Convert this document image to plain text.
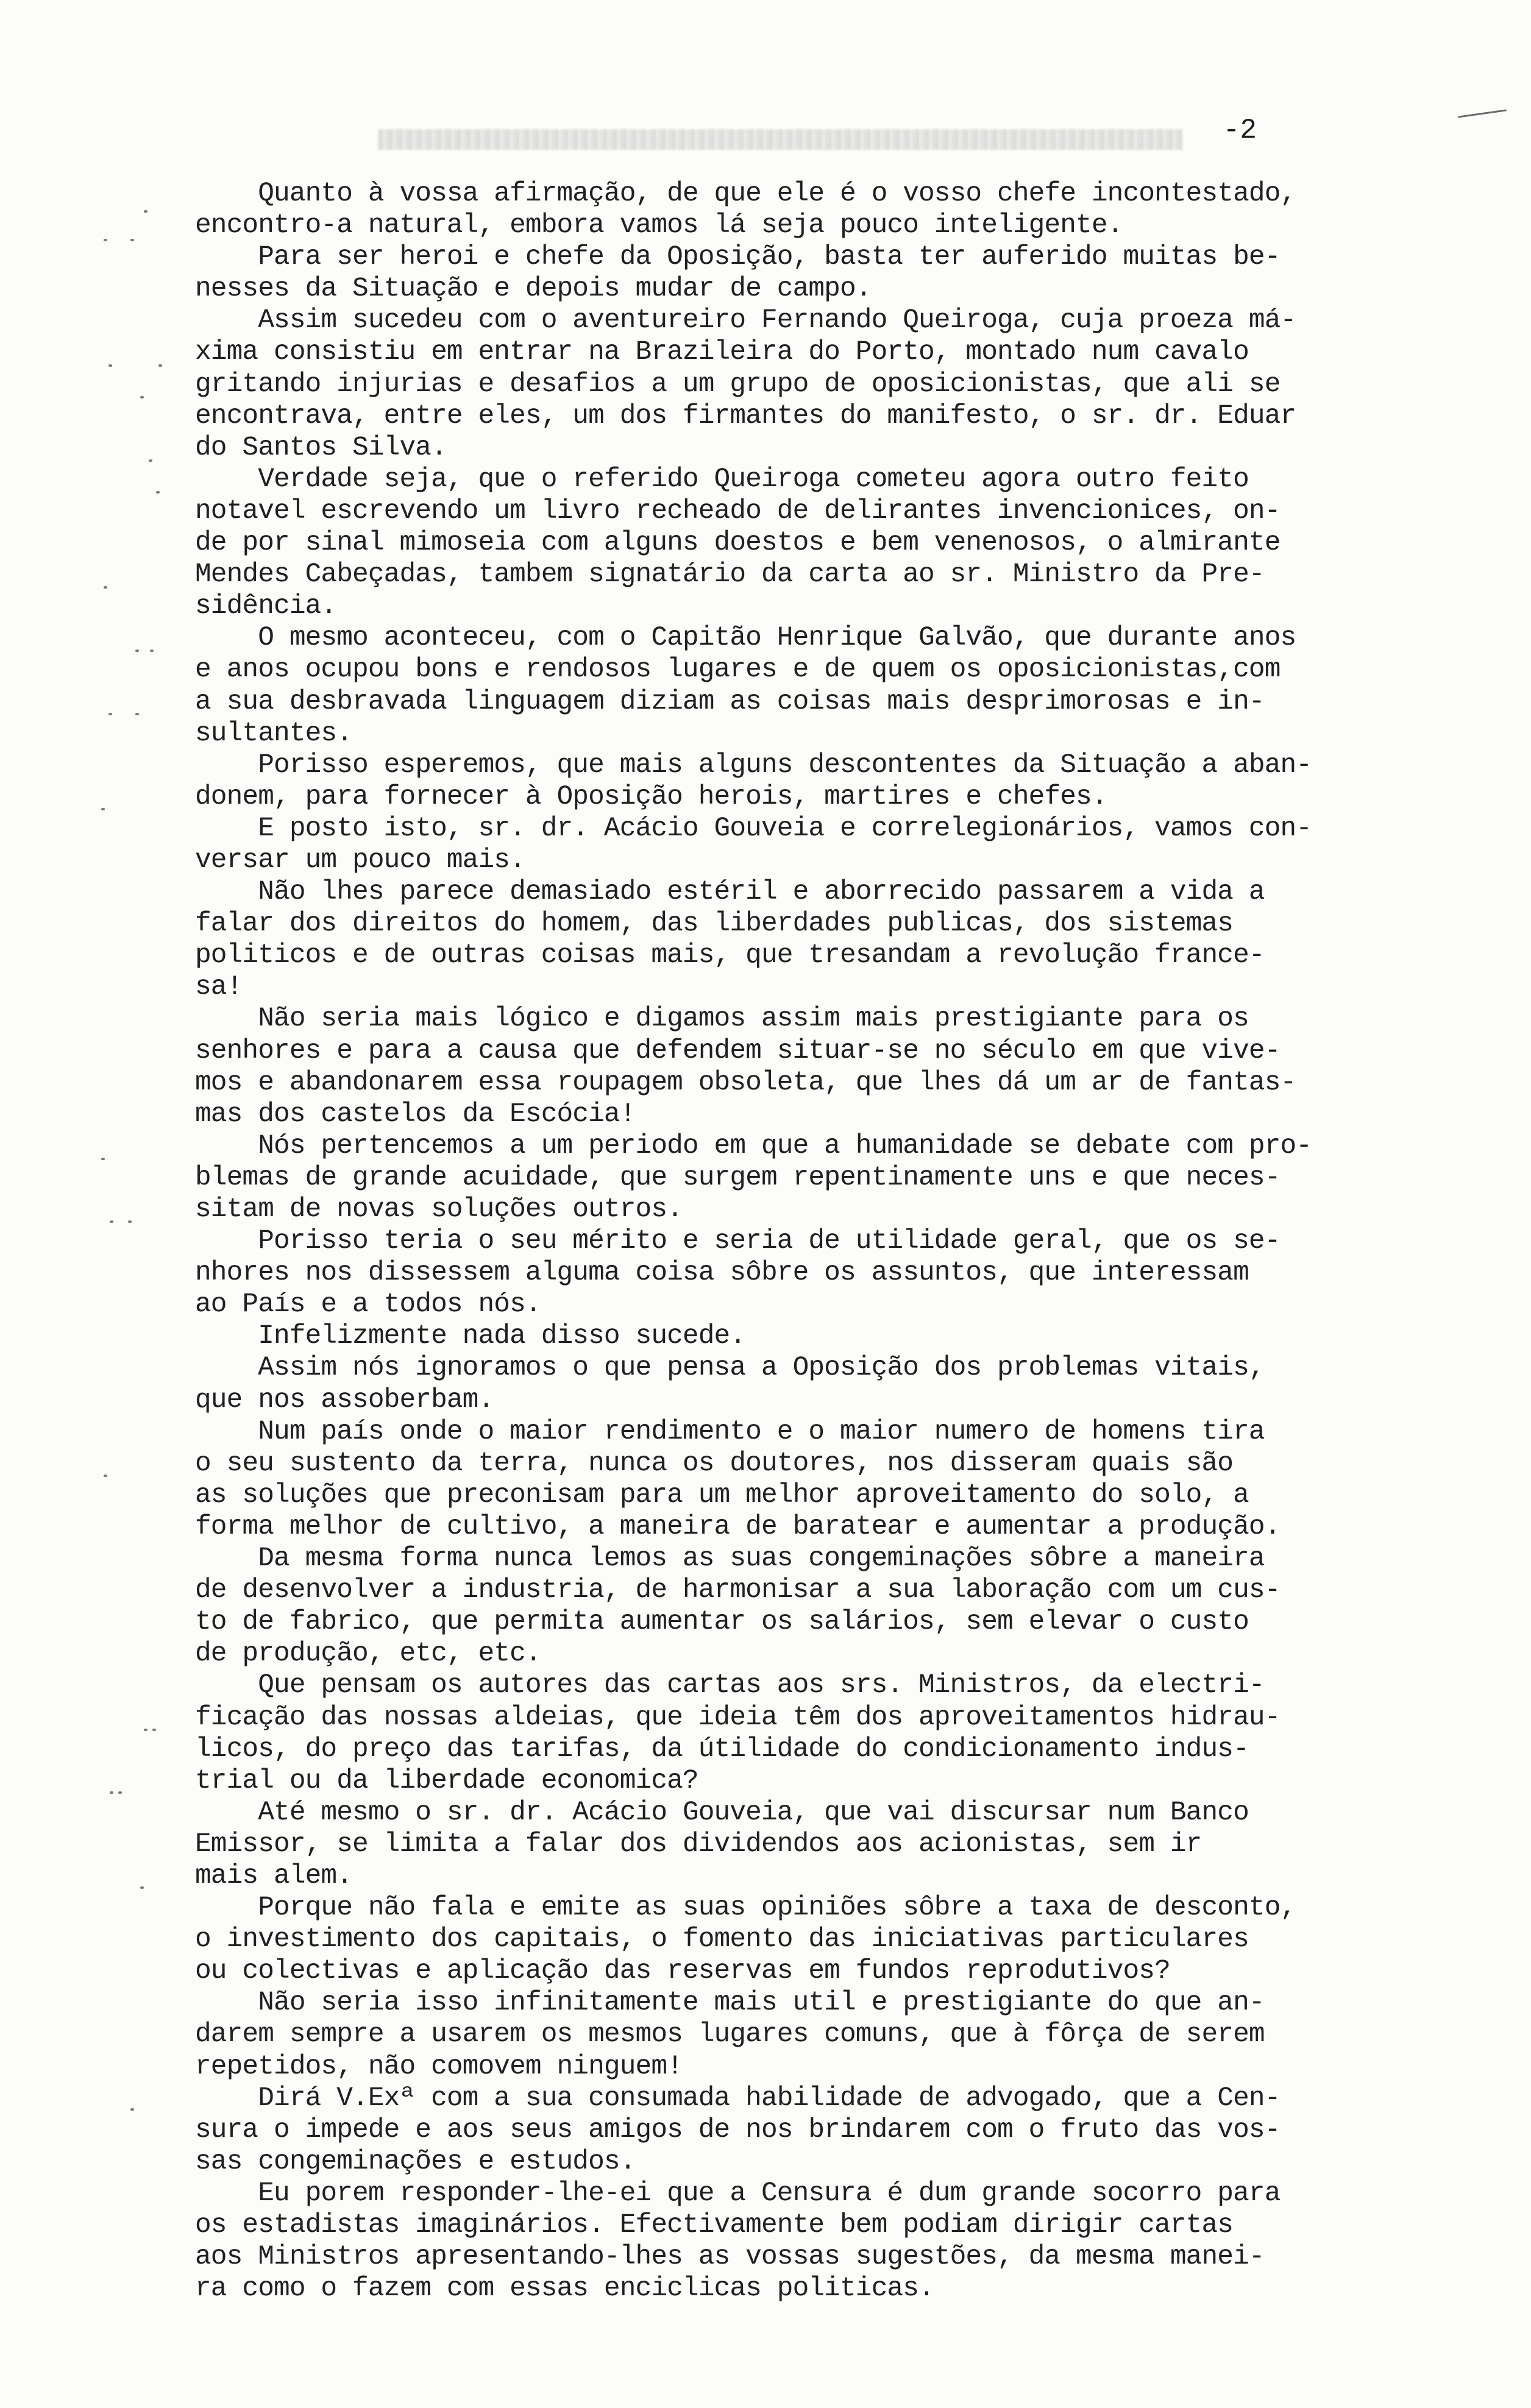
-2
Quanto à vossa afirmação, de que ele é o vosso chefe incontestado,
encontro-a natural, embora vamos lá seja pouco inteligente.
Para ser heroi e chefe da Oposição, basta ter auferido muitas be-
nesses da Situação e depois mudar de campo.
Assim sucedeu com o aventureiro Fernando Queiroga, cuja proeza má-
xima consistiu em entrar na Brazileira do Porto, montado num cavalo
gritando injurias e desafios a um grupo de oposicionistas, que ali se
encontrava, entre eles, um dos firmantes do manifesto, o sr. dr. Eduar
do Santos Silva.
Verdade seja, que o referido Queiroga cometeu agora outro feito
notavel escrevendo um livro recheado de delirantes invencionices, on-
de por sinal mimoseia com alguns doestos e bem venenosos, o almirante
Mendes Cabeçadas, tambem signatário da carta ao sr. Ministro da Pre-
sidência.
O mesmo aconteceu, com o Capitão Henrique Galvão, que durante anos
e anos ocupou bons e rendosos lugares e de quem os oposicionistas,com
a sua desbravada linguagem diziam as coisas mais desprimorosas e in-
sultantes.
Porisso esperemos, que mais alguns descontentes da Situação a aban-
donem, para fornecer à Oposição herois, martires e chefes.
E posto isto, sr. dr. Acácio Gouveia e correlegionários, vamos con-
versar um pouco mais.
Não lhes parece demasiado estéril e aborrecido passarem a vida a
falar dos direitos do homem, das liberdades publicas, dos sistemas
politicos e de outras coisas mais, que tresandam a revolução france-
sa!
Não seria mais lógico e digamos assim mais prestigiante para os
senhores e para a causa que defendem situar-se no século em que vive-
mos e abandonarem essa roupagem obsoleta, que lhes dá um ar de fantas-
mas dos castelos da Escócia!
Nós pertencemos a um periodo em que a humanidade se debate com pro-
blemas de grande acuidade, que surgem repentinamente uns e que neces-
sitam de novas soluções outros.
Porisso teria o seu mérito e seria de utilidade geral, que os se-
nhores nos dissessem alguma coisa sôbre os assuntos, que interessam
ao País e a todos nós.
Infelizmente nada disso sucede.
Assim nós ignoramos o que pensa a Oposição dos problemas vitais,
que nos assoberbam.
Num país onde o maior rendimento e o maior numero de homens tira
o seu sustento da terra, nunca os doutores, nos disseram quais são
as soluções que preconisam para um melhor aproveitamento do solo, a
forma melhor de cultivo, a maneira de baratear e aumentar a produção.
Da mesma forma nunca lemos as suas congeminações sôbre a maneira
de desenvolver a industria, de harmonisar a sua laboração com um cus-
to de fabrico, que permita aumentar os salários, sem elevar o custo
de produção, etc, etc.
Que pensam os autores das cartas aos srs. Ministros, da electri-
ficação das nossas aldeias, que ideia têm dos aproveitamentos hidrau-
licos, do preço das tarifas, da útilidade do condicionamento indus-
trial ou da liberdade economica?
Até mesmo o sr. dr. Acácio Gouveia, que vai discursar num Banco
Emissor, se limita a falar dos dividendos aos acionistas, sem ir
mais alem.
Porque não fala e emite as suas opiniões sôbre a taxa de desconto,
o investimento dos capitais, o fomento das iniciativas particulares
ou colectivas e aplicação das reservas em fundos reprodutivos?
Não seria isso infinitamente mais util e prestigiante do que an-
darem sempre a usarem os mesmos lugares comuns, que à fôrça de serem
repetidos, não comovem ninguem!
Dirá V.Exª com a sua consumada habilidade de advogado, que a Cen-
sura o impede e aos seus amigos de nos brindarem com o fruto das vos-
sas congeminações e estudos.
Eu porem responder-lhe-ei que a Censura é dum grande socorro para
os estadistas imaginários. Efectivamente bem podiam dirigir cartas
aos Ministros apresentando-lhes as vossas sugestões, da mesma manei-
ra como o fazem com essas enciclicas politicas.
